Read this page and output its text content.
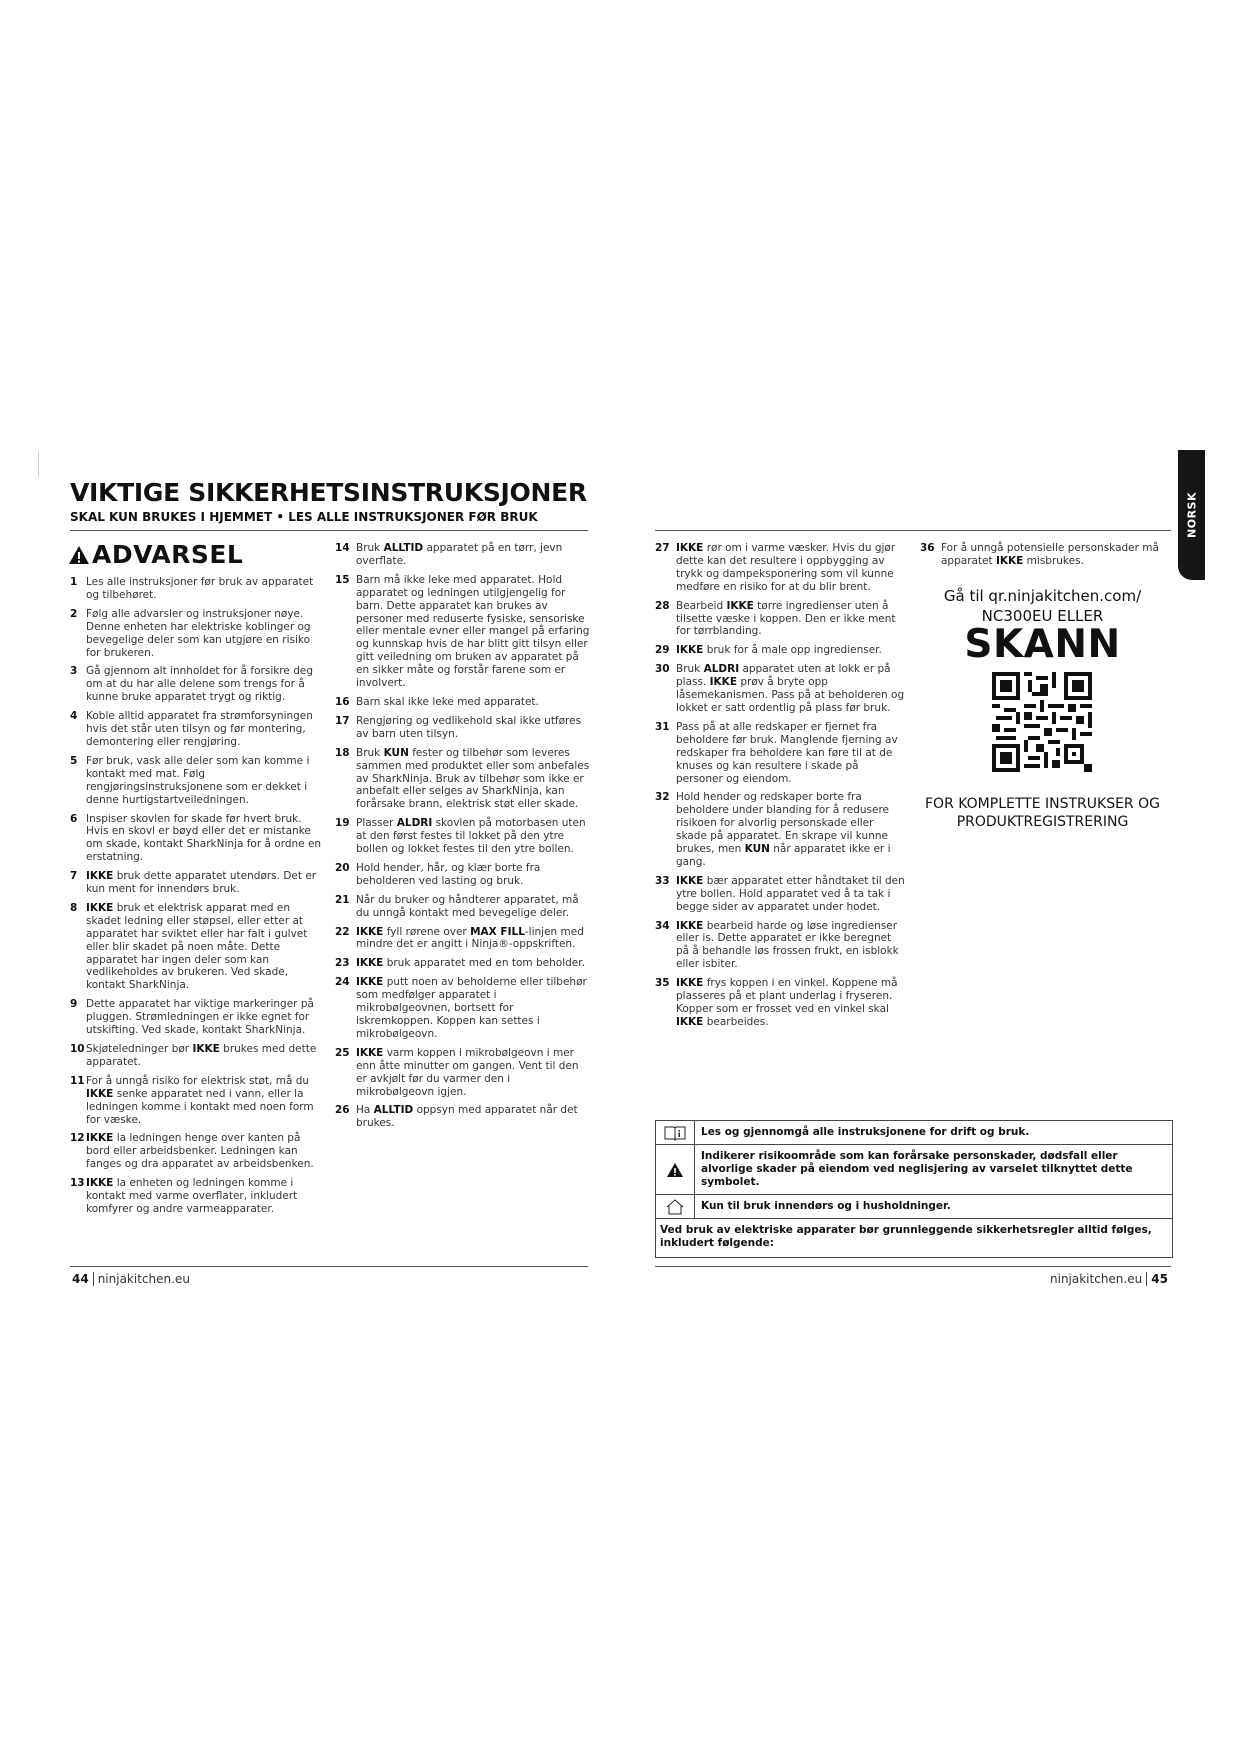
VIKTIGE SIKKERHETSINSTRUKSJONER
SKAL KUN BRUKES I HJEMMET • LES ALLE INSTRUKSJONER FØR BRUK
ADVARSEL
1 Les alle instruksjoner før bruk av apparatet og tilbehøret.
2 Følg alle advarsler og instruksjoner nøye. Denne enheten har elektriske koblinger og bevegelige deler som kan utgjøre en risiko for brukeren.
3 Gå gjennom alt innholdet for å forsikre deg om at du har alle delene som trengs for å kunne bruke apparatet trygt og riktig.
4 Koble alltid apparatet fra strømforsyningen hvis det står uten tilsyn og før montering, demontering eller rengjøring.
5 Før bruk, vask alle deler som kan komme i kontakt med mat. Følg rengjøringsinstruksjonene som er dekket i denne hurtigstartveiledningen.
6 Inspiser skovlen for skade før hvert bruk. Hvis en skovl er bøyd eller det er mistanke om skade, kontakt SharkNinja for å ordne en erstatning.
7 IKKE bruk dette apparatet utendørs. Det er kun ment for innendørs bruk.
8 IKKE bruk et elektrisk apparat med en skadet ledning eller støpsel, eller etter at apparatet har sviktet eller har falt i gulvet eller blir skadet på noen måte. Dette apparatet har ingen deler som kan vedlikeholdes av brukeren. Ved skade, kontakt SharkNinja.
9 Dette apparatet har viktige markeringer på pluggen. Strømledningen er ikke egnet for utskifting. Ved skade, kontakt SharkNinja.
10 Skjøteledninger bør IKKE brukes med dette apparatet.
11 For å unngå risiko for elektrisk støt, må du IKKE senke apparatet ned i vann, eller la ledningen komme i kontakt med noen form for væske.
12 IKKE la ledningen henge over kanten på bord eller arbeidsbenker. Ledningen kan fanges og dra apparatet av arbeidsbenken.
13 IKKE la enheten og ledningen komme i kontakt med varme overflater, inkludert komfyrer og andre varmeapparater.
14 Bruk ALLTID apparatet på en tørr, jevn overflate.
15 Barn må ikke leke med apparatet. Hold apparatet og ledningen utilgjengelig for barn. Dette apparatet kan brukes av personer med reduserte fysiske, sensoriske eller mentale evner eller mangel på erfaring og kunnskap hvis de har blitt gitt tilsyn eller gitt veiledning om bruken av apparatet på en sikker måte og forstår farene som er involvert.
16 Barn skal ikke leke med apparatet.
17 Rengjøring og vedlikehold skal ikke utføres av barn uten tilsyn.
18 Bruk KUN fester og tilbehør som leveres sammen med produktet eller som anbefales av SharkNinja. Bruk av tilbehør som ikke er anbefalt eller selges av SharkNinja, kan forårsake brann, elektrisk støt eller skade.
19 Plasser ALDRI skovlen på motorbasen uten at den først festes til lokket på den ytre bollen og lokket festes til den ytre bollen.
20 Hold hender, hår, og klær borte fra beholderen ved lasting og bruk.
21 Når du bruker og håndterer apparatet, må du unngå kontakt med bevegelige deler.
22 IKKE fyll rørene over MAX FILL-linjen med mindre det er angitt i Ninja®-oppskriften.
23 IKKE bruk apparatet med en tom beholder.
24 IKKE putt noen av beholderne eller tilbehør som medfølger apparatet i mikrobølgeovnen, bortsett for iskremkoppen. Koppen kan settes i mikrobølgeovn.
25 IKKE varm koppen i mikrobølgeovn i mer enn åtte minutter om gangen. Vent til den er avkjølt før du varmer den i mikrobølgeovn igjen.
26 Ha ALLTID oppsyn med apparatet når det brukes.
44 ninjakitchen.eu
NORSK
27 IKKE rør om i varme væsker. Hvis du gjør dette kan det resultere i oppbygging av trykk og dampeksponering som vil kunne medføre en risiko for at du blir brent.
28 Bearbeid IKKE tørre ingredienser uten å tilsette væske i koppen. Den er ikke ment for tørrblanding.
29 IKKE bruk for å male opp ingredienser.
30 Bruk ALDRI apparatet uten at lokk er på plass. IKKE prøv å bryte opp låsemekanismen. Pass på at beholderen og lokket er satt ordentlig på plass før bruk.
31 Pass på at alle redskaper er fjernet fra beholdere før bruk. Manglende fjerning av redskaper fra beholdere kan føre til at de knuses og kan resultere i skade på personer og eiendom.
32 Hold hender og redskaper borte fra beholdere under blanding for å redusere risikoen for alvorlig personskade eller skade på apparatet. En skrape vil kunne brukes, men KUN når apparatet ikke er i gang.
33 IKKE bær apparatet etter håndtaket til den ytre bollen. Hold apparatet ved å ta tak i begge sider av apparatet under hodet.
34 IKKE bearbeid harde og løse ingredienser eller is. Dette apparatet er ikke beregnet på å behandle løs frossen frukt, en isblokk eller isbiter.
35 IKKE frys koppen i en vinkel. Koppene må plasseres på et plant underlag i fryseren. Kopper som er frosset ved en vinkel skal IKKE bearbeides.
36 For å unngå potensielle personskader må apparatet IKKE misbrukes.
Gå til qr.ninjakitchen.com/ NC300EU ELLER
SKANN
FOR KOMPLETTE INSTRUKSER OG PRODUKTREGISTRERING
Les og gjennomgå alle instruksjonene for drift og bruk.
Indikerer risikoområde som kan forårsake personskader, dødsfall eller alvorlige skader på eiendom ved neglisjering av varselet tilknyttet dette symbolet.
Kun til bruk innendørs og i husholdninger.
Ved bruk av elektriske apparater bør grunnleggende sikkerhetsregler alltid følges, inkludert følgende:
ninjakitchen.eu 45
